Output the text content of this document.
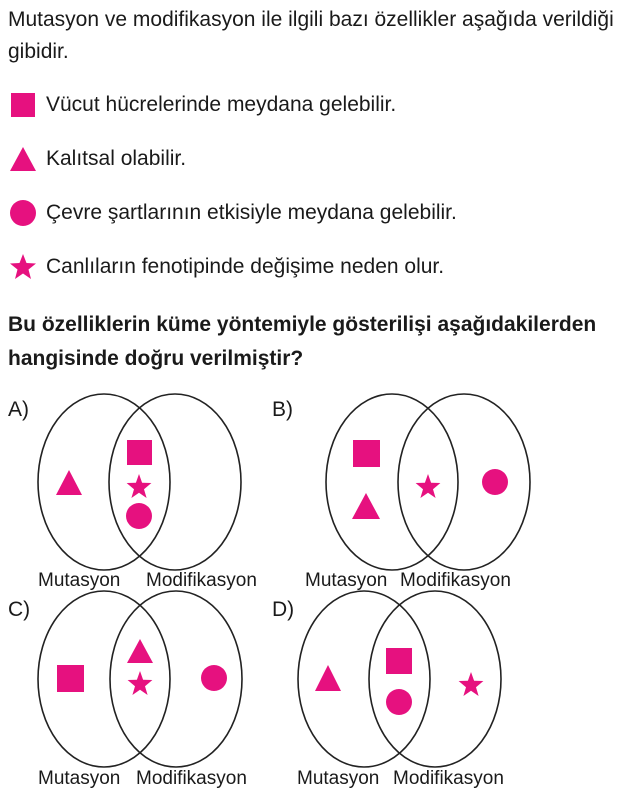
Mutasyon ve modifikasyon ile ilgili bazı özellikler aşağıda verildiği gibidir.
Vücut hücrelerinde meydana gelebilir.
Kalıtsal olabilir.
Çevre şartlarının etkisiyle meydana gelebilir.
Canlıların fenotipinde değişime neden olur.
Bu özelliklerin küme yöntemiyle gösterilişi aşağıdakilerden hangisinde doğru verilmiştir?
A)	B)
C)	D)
Mutasyon Modifikasyon	Mutasyon Modifikasyon
Mutasyon Modifikasyon	Mutasyon Modifikasyon
